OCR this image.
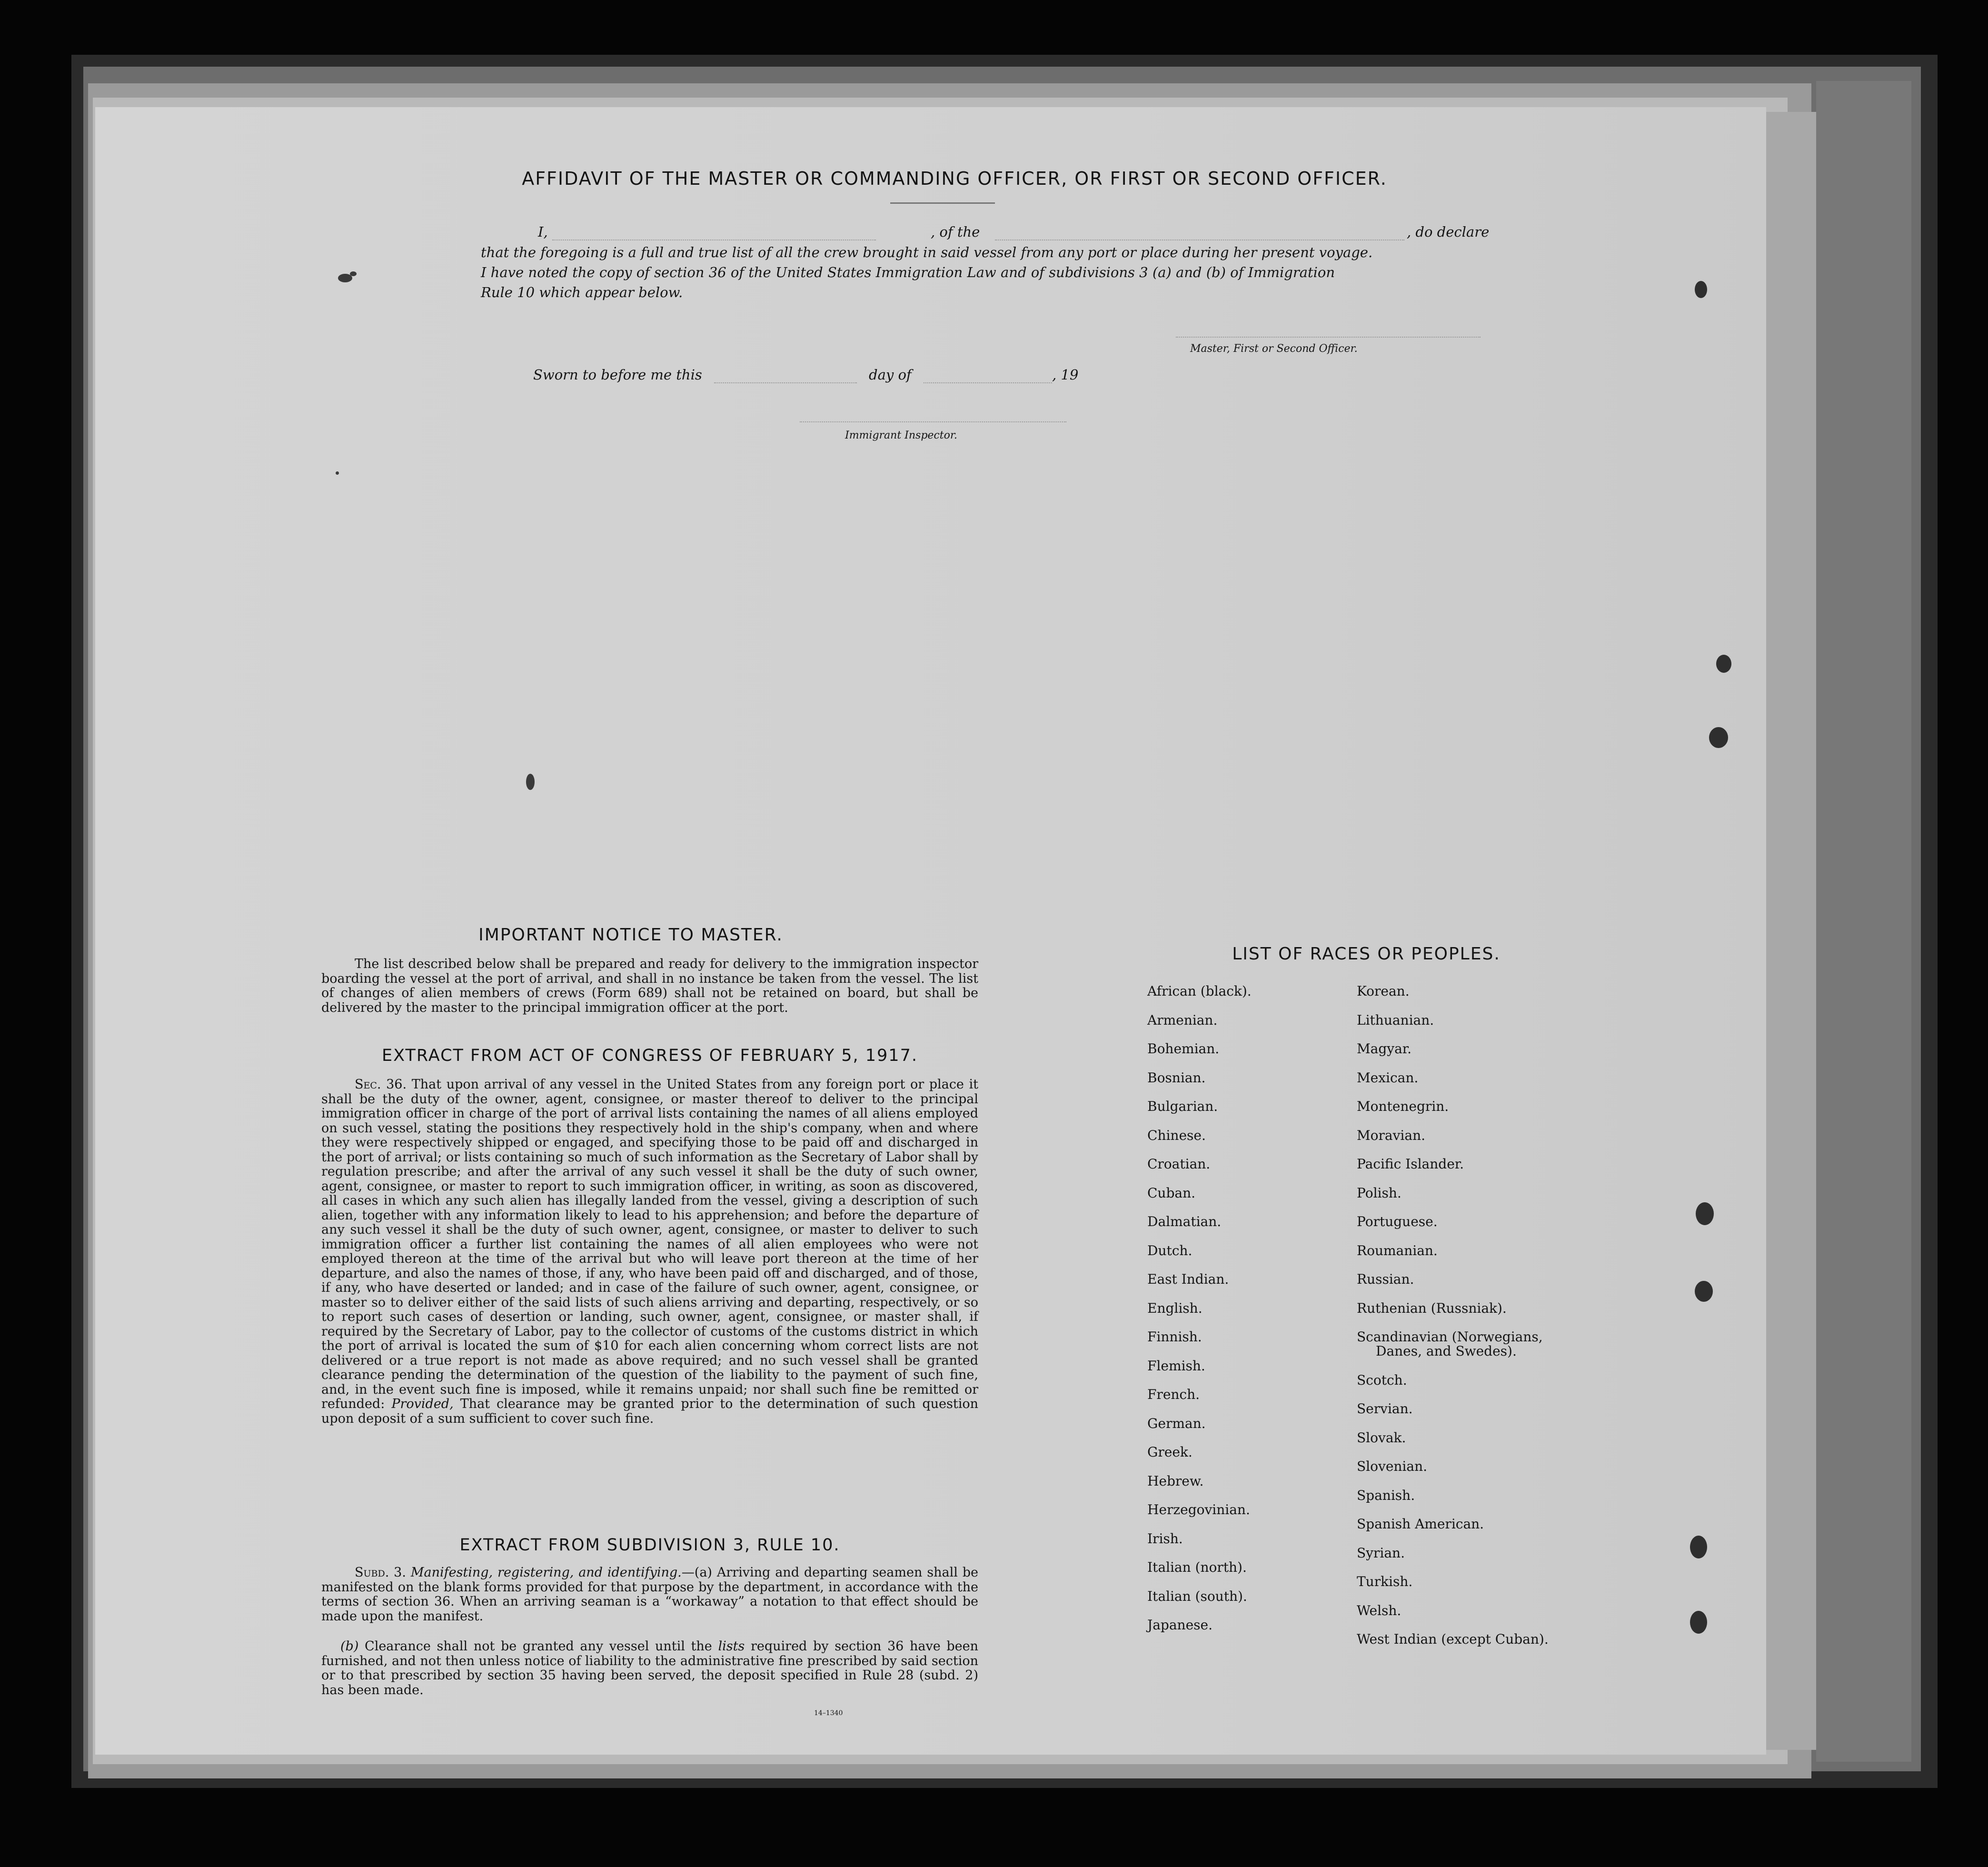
AFFIDAVIT OF THE MASTER OR COMMANDING OFFICER, OR FIRST OR SECOND OFFICER.
I,	, of the	, do declare
that the foregoing is a full and true list of all the crew brought in said vessel from any port or place during her present voyage.
I have noted the copy of section 36 of the United States Immigration Law and of subdivisions 3 (a) and (b) of Immigration
Rule 10 which appear below.
Master, First or Second Officer.
Sworn to before me this	day of	, 19
Immigrant Inspector.
IMPORTANT NOTICE TO MASTER.
The list described below shall be prepared and ready for delivery to the immigration inspector boarding the vessel at the port of arrival, and shall in no instance be taken from the vessel. The list of changes of alien members of crews (Form 689) shall not be retained on board, but shall be delivered by the master to the principal immigration officer at the port.
EXTRACT FROM ACT OF CONGRESS OF FEBRUARY 5, 1917.
Sec. 36. That upon arrival of any vessel in the United States from any foreign port or place it shall be the duty of the owner, agent, consignee, or master thereof to deliver to the principal immigration officer in charge of the port of arrival lists containing the names of all aliens employed on such vessel, stating the positions they respectively hold in the ship's company, when and where they were respectively shipped or engaged, and specifying those to be paid off and discharged in the port of arrival; or lists containing so much of such information as the Secretary of Labor shall by regulation prescribe; and after the arrival of any such vessel it shall be the duty of such owner, agent, consignee, or master to report to such immigration officer, in writing, as soon as discovered, all cases in which any such alien has illegally landed from the vessel, giving a description of such alien, together with any information likely to lead to his apprehension; and before the departure of any such vessel it shall be the duty of such owner, agent, consignee, or master to deliver to such immigration officer a further list containing the names of all alien employees who were not employed thereon at the time of the arrival but who will leave port thereon at the time of her departure, and also the names of those, if any, who have been paid off and discharged, and of those, if any, who have deserted or landed; and in case of the failure of such owner, agent, consignee, or master so to deliver either of the said lists of such aliens arriving and departing, respectively, or so to report such cases of desertion or landing, such owner, agent, consignee, or master shall, if required by the Secretary of Labor, pay to the collector of customs of the customs district in which the port of arrival is located the sum of $10 for each alien concerning whom correct lists are not delivered or a true report is not made as above required; and no such vessel shall be granted clearance pending the determination of the question of the liability to the payment of such fine, and, in the event such fine is imposed, while it remains unpaid; nor shall such fine be remitted or refunded: Provided, That clearance may be granted prior to the determination of such question upon deposit of a sum sufficient to cover such fine.
EXTRACT FROM SUBDIVISION 3, RULE 10.
Subd. 3. Manifesting, registering, and identifying.—(a) Arriving and departing seamen shall be manifested on the blank forms provided for that purpose by the department, in accordance with the terms of section 36. When an arriving seaman is a “workaway” a notation to that effect should be made upon the manifest.
(b) Clearance shall not be granted any vessel until the lists required by section 36 have been furnished, and not then unless notice of liability to the administrative fine prescribed by said section or to that prescribed by section 35 having been served, the deposit specified in Rule 28 (subd. 2) has been made.
14–1340
LIST OF RACES OR PEOPLES.
African (black).
Armenian.
Bohemian.
Bosnian.
Bulgarian.
Chinese.
Croatian.
Cuban.
Dalmatian.
Dutch.
East Indian.
English.
Finnish.
Flemish.
French.
German.
Greek.
Hebrew.
Herzegovinian.
Irish.
Italian (north).
Italian (south).
Japanese.
Korean.
Lithuanian.
Magyar.
Mexican.
Montenegrin.
Moravian.
Pacific Islander.
Polish.
Portuguese.
Roumanian.
Russian.
Ruthenian (Russniak).
Scandinavian (Norwegians,
Danes, and Swedes).
Scotch.
Servian.
Slovak.
Slovenian.
Spanish.
Spanish American.
Syrian.
Turkish.
Welsh.
West Indian (except Cuban).
